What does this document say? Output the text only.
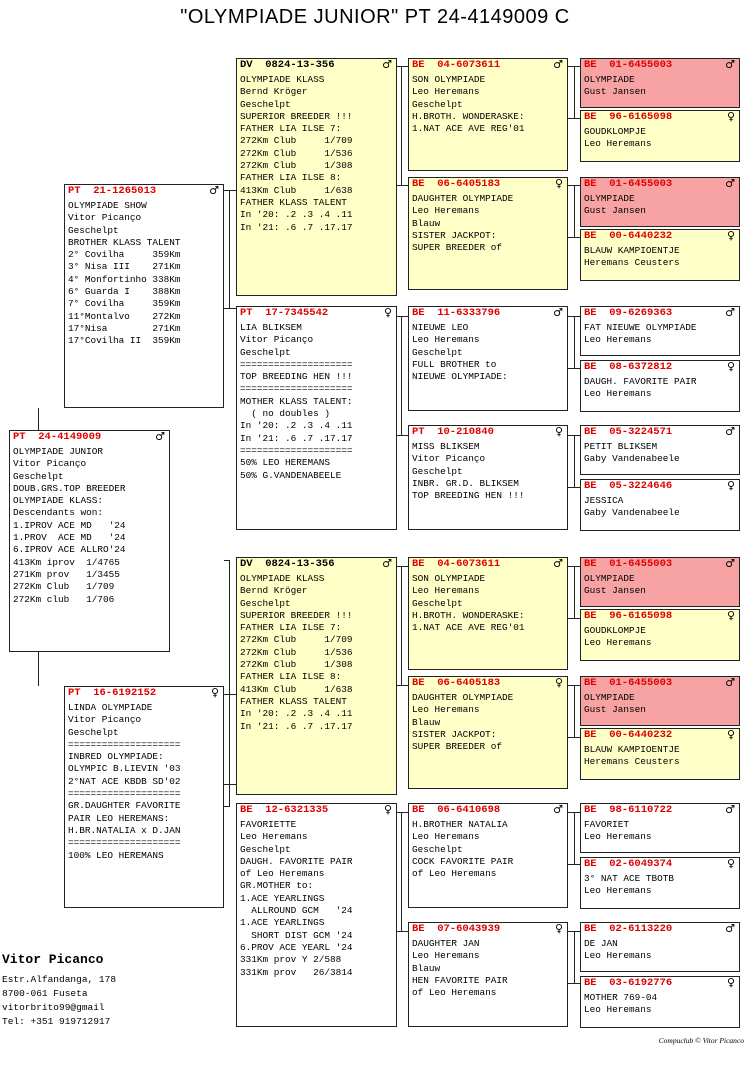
"OLYMPIADE JUNIOR" PT 24-4149009 C
PT  24-4149009	♂
OLYMPIADE JUNIOR
Vitor Picanço
Geschelpt
DOUB.GRS.TOP BREEDER
OLYMPIADE KLASS:
Descendants won:
1.IPROV ACE MD   '24
1.PROV  ACE MD   '24
6.IPROV ACE ALLRO'24
413Km iprov  1/4765
271Km prov   1/3455
272Km Club   1/709
272Km club   1/706
PT  21-1265013	♂
OLYMPIADE SHOW
Vitor Picanço
Geschelpt
BROTHER KLASS TALENT
2° Covilha     359Km
3° Nisa III    271Km
4° Monfortinho 338Km
6° Guarda I    388Km
7° Covilha     359Km
11°Montalvo    272Km
17°Nisa        271Km
17°Covilha II  359Km
PT  16-6192152	♀
LINDA OLYMPIADE
Vitor Picanço
Geschelpt
====================
INBRED OLYMPIADE:
OLYMPIC B.LIEVIN '03
2°NAT ACE KBDB SD'02
====================
GR.DAUGHTER FAVORITE
PAIR LEO HEREMANS:
H.BR.NATALIA x D.JAN
====================
100% LEO HEREMANS
DV  0824-13-356	♂
OLYMPIADE KLASS
Bernd Kröger
Geschelpt
SUPERIOR BREEDER !!!
FATHER LIA ILSE 7:
272Km Club     1/709
272Km Club     1/536
272Km Club     1/308
FATHER LIA ILSE 8:
413Km Club     1/638
FATHER KLASS TALENT
In '20: .2 .3 .4 .11
In '21: .6 .7 .17.17
PT  17-7345542	♀
LIA BLIKSEM
Vitor Picanço
Geschelpt
====================
TOP BREEDING HEN !!!
====================
MOTHER KLASS TALENT:
( no doubles )
In '20: .2 .3 .4 .11
In '21: .6 .7 .17.17
====================
50% LEO HEREMANS
50% G.VANDENABEELE
DV  0824-13-356	♂
OLYMPIADE KLASS
Bernd Kröger
Geschelpt
SUPERIOR BREEDER !!!
FATHER LIA ILSE 7:
272Km Club     1/709
272Km Club     1/536
272Km Club     1/308
FATHER LIA ILSE 8:
413Km Club     1/638
FATHER KLASS TALENT
In '20: .2 .3 .4 .11
In '21: .6 .7 .17.17
BE  12-6321335	♀
FAVORIETTE
Leo Heremans
Geschelpt
DAUGH. FAVORITE PAIR
of Leo Heremans
GR.MOTHER to:
1.ACE YEARLINGS
ALLROUND GCM   '24
1.ACE YEARLINGS
SHORT DIST GCM '24
6.PROV ACE YEARL '24
331Km prov Y 2/588
331Km prov   26/3814
BE  04-6073611	♂
SON OLYMPIADE
Leo Heremans
Geschelpt
H.BROTH. WONDERASKE:
1.NAT ACE AVE REG'01
BE  06-6405183	♀
DAUGHTER OLYMPIADE
Leo Heremans
Blauw
SISTER JACKPOT:
SUPER BREEDER of
BE  11-6333796	♂
NIEUWE LEO
Leo Heremans
Geschelpt
FULL BROTHER to
NIEUWE OLYMPIADE:
PT  10-210840	♀
MISS BLIKSEM
Vitor Picanço
Geschelpt
INBR. GR.D. BLIKSEM
TOP BREEDING HEN !!!
BE  04-6073611	♂
SON OLYMPIADE
Leo Heremans
Geschelpt
H.BROTH. WONDERASKE:
1.NAT ACE AVE REG'01
BE  06-6405183	♀
DAUGHTER OLYMPIADE
Leo Heremans
Blauw
SISTER JACKPOT:
SUPER BREEDER of
BE  06-6410698	♂
H.BROTHER NATALIA
Leo Heremans
Geschelpt
COCK FAVORITE PAIR
of Leo Heremans
BE  07-6043939	♀
DAUGHTER JAN
Leo Heremans
Blauw
HEN FAVORITE PAIR
of Leo Heremans
BE  01-6455003	♂
OLYMPIADE
Gust Jansen
BE  96-6165098	♀
GOUDKLOMPJE
Leo Heremans
BE  01-6455003	♂
OLYMPIADE
Gust Jansen
BE  00-6440232	♀
BLAUW KAMPIOENTJE
Heremans Ceusters
BE  09-6269363	♂
FAT NIEUWE OLYMPIADE
Leo Heremans
BE  08-6372812	♀
DAUGH. FAVORITE PAIR
Leo Heremans
BE  05-3224571	♂
PETIT BLIKSEM
Gaby Vandenabeele
BE  05-3224646	♀
JESSICA
Gaby Vandenabeele
BE  01-6455003	♂
OLYMPIADE
Gust Jansen
BE  96-6165098	♀
GOUDKLOMPJE
Leo Heremans
BE  01-6455003	♂
OLYMPIADE
Gust Jansen
BE  00-6440232	♀
BLAUW KAMPIOENTJE
Heremans Ceusters
BE  98-6110722	♂
FAVORIET
Leo Heremans
BE  02-6049374	♀
3° NAT ACE TBOTB
Leo Heremans
BE  02-6113220	♂
DE JAN
Leo Heremans
BE  03-6192776	♀
MOTHER 769-04
Leo Heremans
Vitor Picanco
Estr.Alfandanga, 178
8700-061 Fuseta
vitorbrito99@gmail
Tel: +351 919712917
Compuclub © Vitor Picanco
